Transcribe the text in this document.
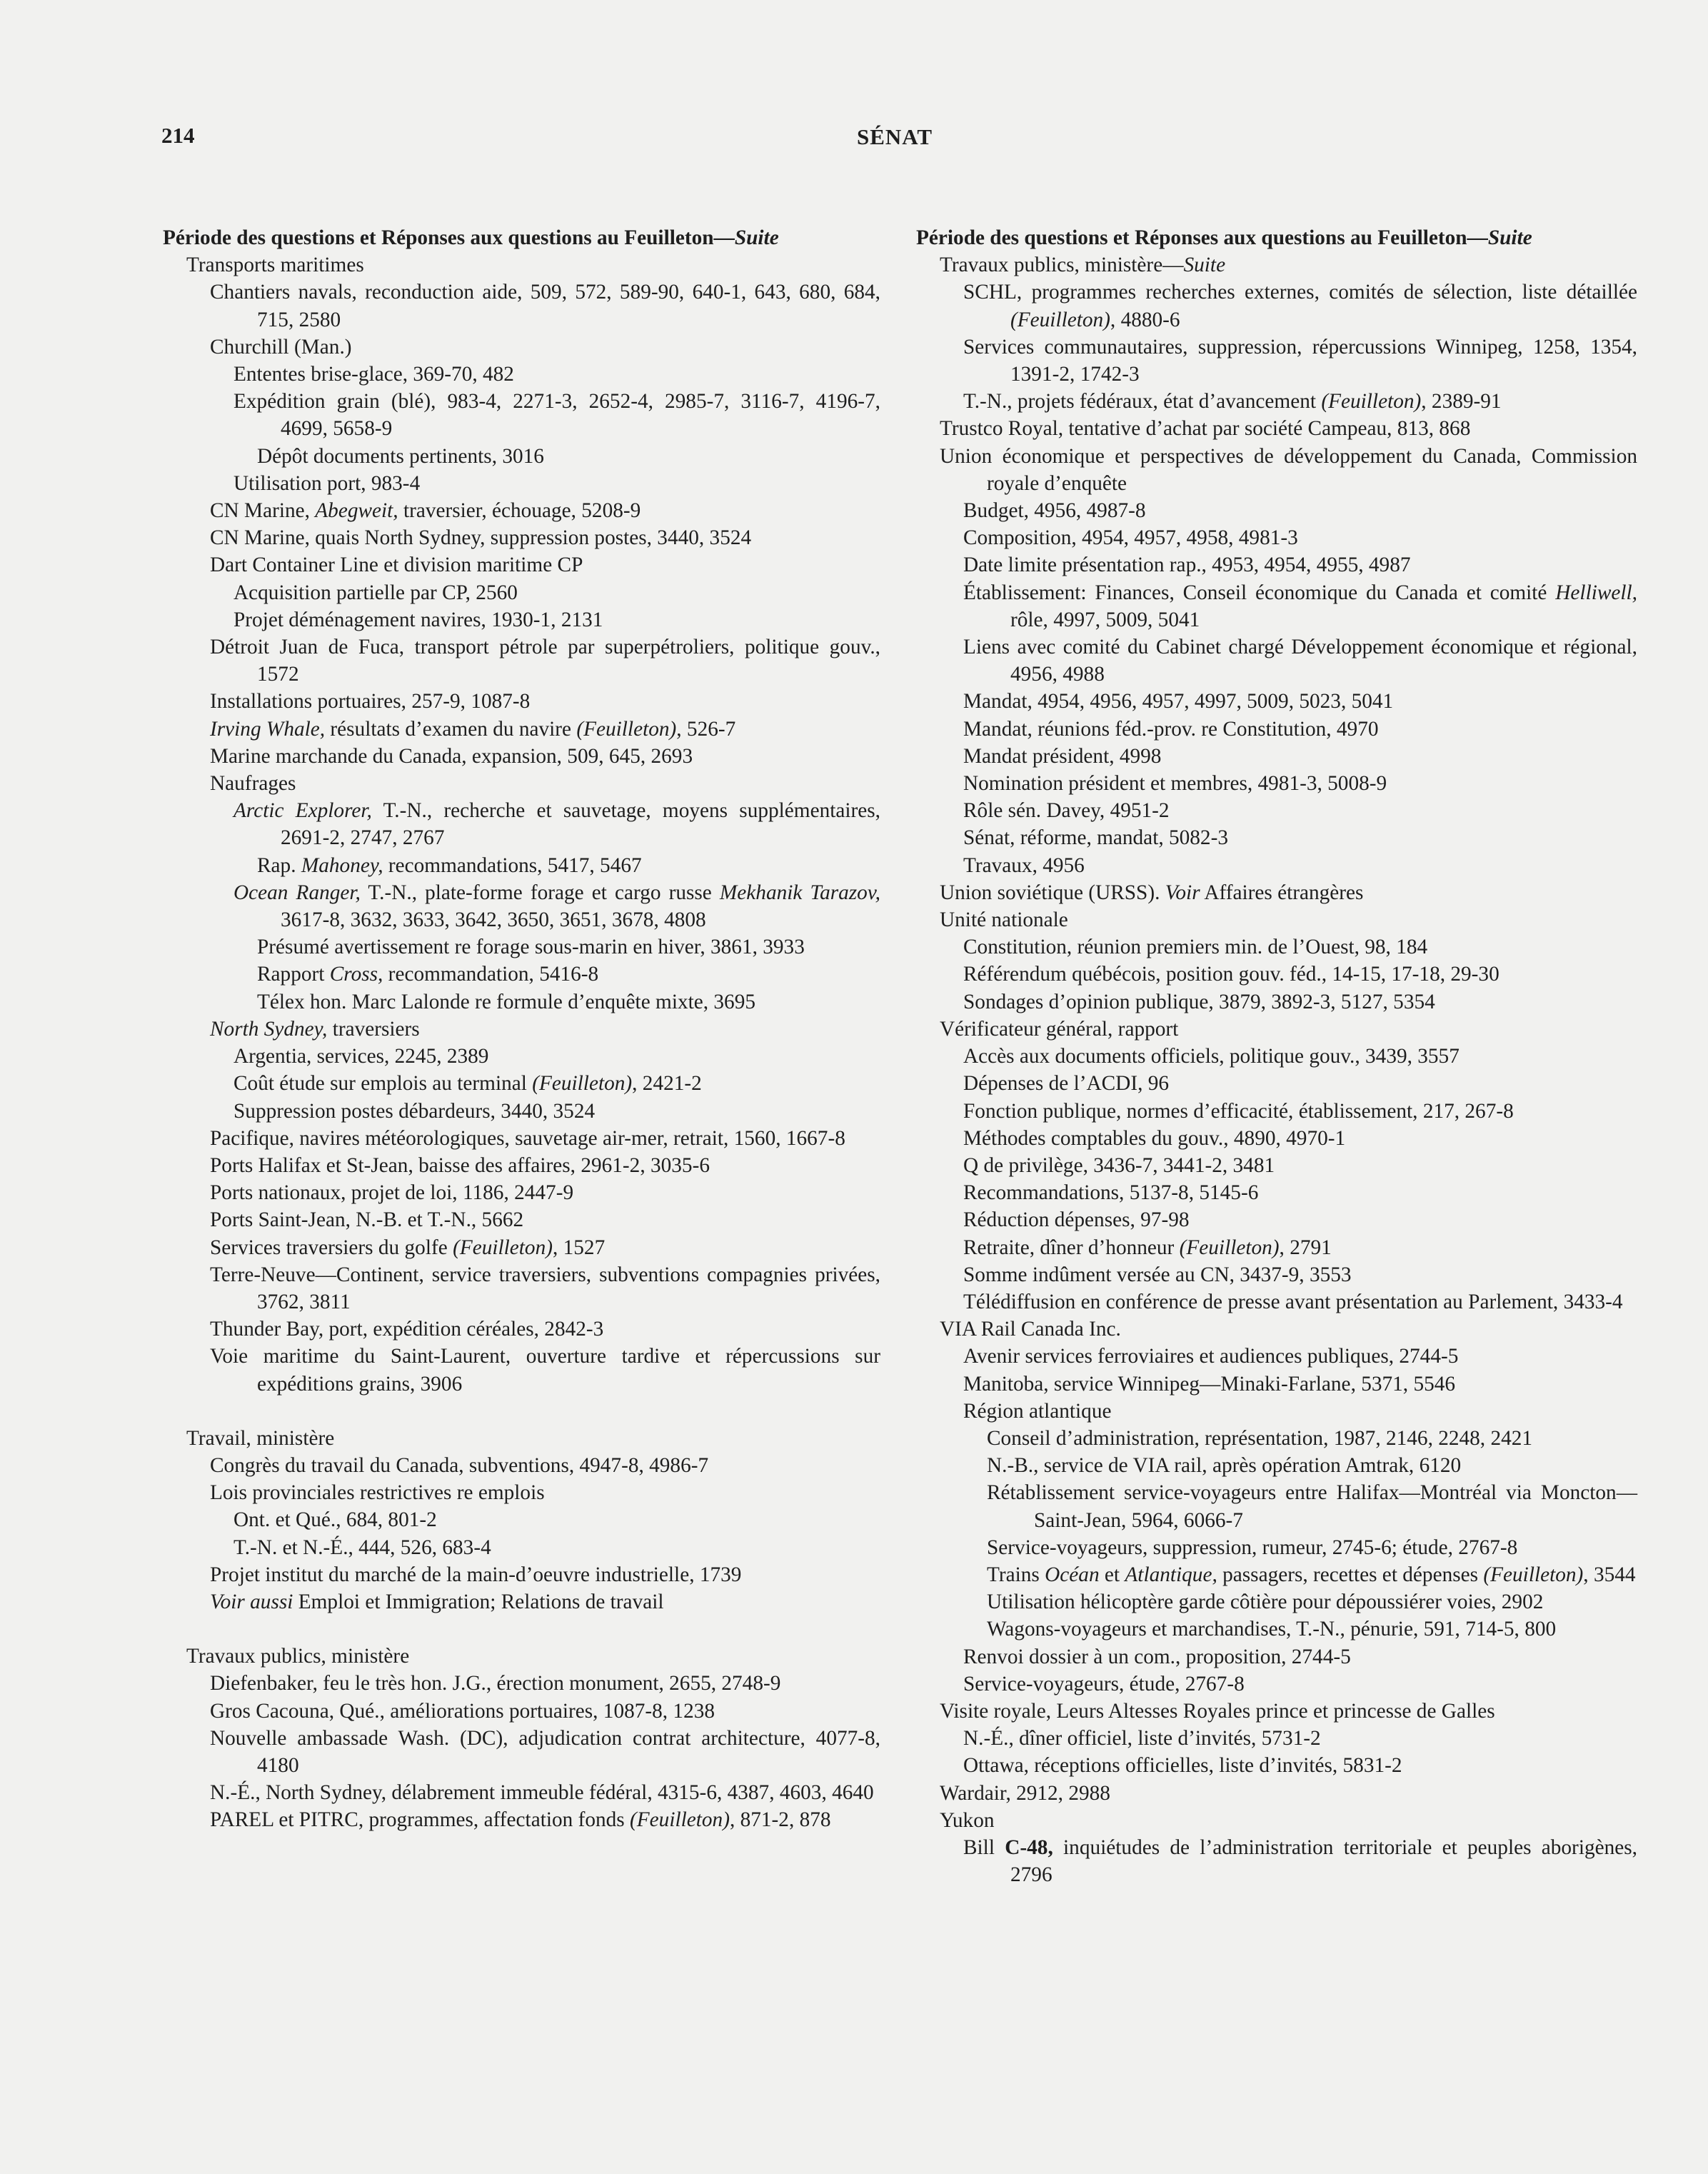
214	SÉNAT
Période des questions et Réponses aux questions au Feuilleton—Suite
Transports maritimes
Chantiers navals, reconduction aide, 509, 572, 589-90, 640-1, 643, 680, 684, 715, 2580
Churchill (Man.)
Ententes brise-glace, 369-70, 482
Expédition grain (blé), 983-4, 2271-3, 2652-4, 2985-7, 3116-7, 4196-7, 4699, 5658-9
Dépôt documents pertinents, 3016
Utilisation port, 983-4
CN Marine, Abegweit, traversier, échouage, 5208-9
CN Marine, quais North Sydney, suppression postes, 3440, 3524
Dart Container Line et division maritime CP
Acquisition partielle par CP, 2560
Projet déménagement navires, 1930-1, 2131
Détroit Juan de Fuca, transport pétrole par superpétroliers, politique gouv., 1572
Installations portuaires, 257-9, 1087-8
Irving Whale, résultats d’examen du navire (Feuilleton), 526-7
Marine marchande du Canada, expansion, 509, 645, 2693
Naufrages
Arctic Explorer, T.-N., recherche et sauvetage, moyens supplémentaires, 2691-2, 2747, 2767
Rap. Mahoney, recommandations, 5417, 5467
Ocean Ranger, T.-N., plate-forme forage et cargo russe Mekhanik Tarazov, 3617-8, 3632, 3633, 3642, 3650, 3651, 3678, 4808
Présumé avertissement re forage sous-marin en hiver, 3861, 3933
Rapport Cross, recommandation, 5416-8
Télex hon. Marc Lalonde re formule d’enquête mixte, 3695
North Sydney, traversiers
Argentia, services, 2245, 2389
Coût étude sur emplois au terminal (Feuilleton), 2421-2
Suppression postes débardeurs, 3440, 3524
Pacifique, navires météorologiques, sauvetage air-mer, retrait, 1560, 1667-8
Ports Halifax et St-Jean, baisse des affaires, 2961-2, 3035-6
Ports nationaux, projet de loi, 1186, 2447-9
Ports Saint-Jean, N.-B. et T.-N., 5662
Services traversiers du golfe (Feuilleton), 1527
Terre-Neuve—Continent, service traversiers, subventions compagnies privées, 3762, 3811
Thunder Bay, port, expédition céréales, 2842-3
Voie maritime du Saint-Laurent, ouverture tardive et répercussions sur expéditions grains, 3906
Travail, ministère
Congrès du travail du Canada, subventions, 4947-8, 4986-7
Lois provinciales restrictives re emplois
Ont. et Qué., 684, 801-2
T.-N. et N.-É., 444, 526, 683-4
Projet institut du marché de la main-d’oeuvre industrielle, 1739
Voir aussi Emploi et Immigration; Relations de travail
Travaux publics, ministère
Diefenbaker, feu le très hon. J.G., érection monument, 2655, 2748-9
Gros Cacouna, Qué., améliorations portuaires, 1087-8, 1238
Nouvelle ambassade Wash. (DC), adjudication contrat architecture, 4077-8, 4180
N.-É., North Sydney, délabrement immeuble fédéral, 4315-6, 4387, 4603, 4640
PAREL et PITRC, programmes, affectation fonds (Feuilleton), 871-2, 878
Période des questions et Réponses aux questions au Feuilleton—Suite
Travaux publics, ministère—Suite
SCHL, programmes recherches externes, comités de sélection, liste détaillée (Feuilleton), 4880-6
Services communautaires, suppression, répercussions Winnipeg, 1258, 1354, 1391-2, 1742-3
T.-N., projets fédéraux, état d’avancement (Feuilleton), 2389-91
Trustco Royal, tentative d’achat par société Campeau, 813, 868
Union économique et perspectives de développement du Canada, Commission royale d’enquête
Budget, 4956, 4987-8
Composition, 4954, 4957, 4958, 4981-3
Date limite présentation rap., 4953, 4954, 4955, 4987
Établissement: Finances, Conseil économique du Canada et comité Helliwell, rôle, 4997, 5009, 5041
Liens avec comité du Cabinet chargé Développement économique et régional, 4956, 4988
Mandat, 4954, 4956, 4957, 4997, 5009, 5023, 5041
Mandat, réunions féd.-prov. re Constitution, 4970
Mandat président, 4998
Nomination président et membres, 4981-3, 5008-9
Rôle sén. Davey, 4951-2
Sénat, réforme, mandat, 5082-3
Travaux, 4956
Union soviétique (URSS). Voir Affaires étrangères
Unité nationale
Constitution, réunion premiers min. de l’Ouest, 98, 184
Référendum québécois, position gouv. féd., 14-15, 17-18, 29-30
Sondages d’opinion publique, 3879, 3892-3, 5127, 5354
Vérificateur général, rapport
Accès aux documents officiels, politique gouv., 3439, 3557
Dépenses de l’ACDI, 96
Fonction publique, normes d’efficacité, établissement, 217, 267-8
Méthodes comptables du gouv., 4890, 4970-1
Q de privilège, 3436-7, 3441-2, 3481
Recommandations, 5137-8, 5145-6
Réduction dépenses, 97-98
Retraite, dîner d’honneur (Feuilleton), 2791
Somme indûment versée au CN, 3437-9, 3553
Télédiffusion en conférence de presse avant présentation au Parlement, 3433-4
VIA Rail Canada Inc.
Avenir services ferroviaires et audiences publiques, 2744-5
Manitoba, service Winnipeg—Minaki-Farlane, 5371, 5546
Région atlantique
Conseil d’administration, représentation, 1987, 2146, 2248, 2421
N.-B., service de VIA rail, après opération Amtrak, 6120
Rétablissement service-voyageurs entre Halifax—Montréal via Moncton—Saint-Jean, 5964, 6066-7
Service-voyageurs, suppression, rumeur, 2745-6; étude, 2767-8
Trains Océan et Atlantique, passagers, recettes et dépenses (Feuilleton), 3544
Utilisation hélicoptère garde côtière pour dépoussiérer voies, 2902
Wagons-voyageurs et marchandises, T.-N., pénurie, 591, 714-5, 800
Renvoi dossier à un com., proposition, 2744-5
Service-voyageurs, étude, 2767-8
Visite royale, Leurs Altesses Royales prince et princesse de Galles
N.-É., dîner officiel, liste d’invités, 5731-2
Ottawa, réceptions officielles, liste d’invités, 5831-2
Wardair, 2912, 2988
Yukon
Bill C-48, inquiétudes de l’administration territoriale et peuples aborigènes, 2796
